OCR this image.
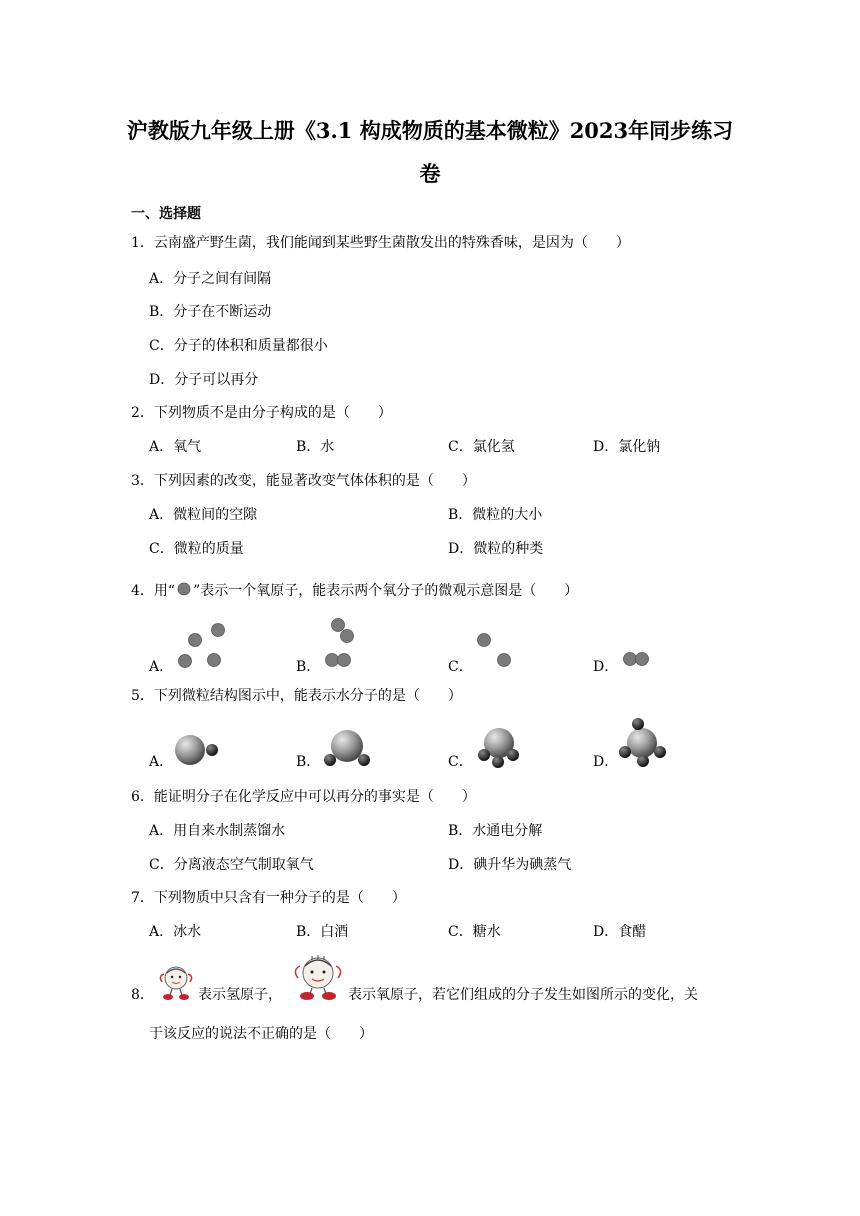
沪教版九年级上册《3.1 构成物质的基本微粒》2023年同步练习
卷
一、选择题
1．云南盛产野生菌，我们能闻到某些野生菌散发出的特殊香味，是因为（　　）
A．分子之间有间隔
B．分子在不断运动
C．分子的体积和质量都很小
D．分子可以再分
2．下列物质不是由分子构成的是（　　）
A．氧气	B．水	C．氯化氢	D．氯化钠
3．下列因素的改变，能显著改变气体体积的是（　　）
A．微粒间的空隙	B．微粒的大小
C．微粒的质量	D．微粒的种类
4．用“ ”表示一个氧原子，能表示两个氧分子的微观示意图是（　　）
A．	B．	C．	D．
5．下列微粒结构图示中，能表示水分子的是（　　）
A．	B．	C．	D．
6．能证明分子在化学反应中可以再分的事实是（　　）
A．用自来水制蒸馏水	B．水通电分解
C．分离液态空气制取氧气	D．碘升华为碘蒸气
7．下列物质中只含有一种分子的是（　　）
A．冰水	B．白酒	C．糖水	D．食醋
8．	表示氢原子，	表示氧原子，若它们组成的分子发生如图所示的变化，关
于该反应的说法不正确的是（　　）
